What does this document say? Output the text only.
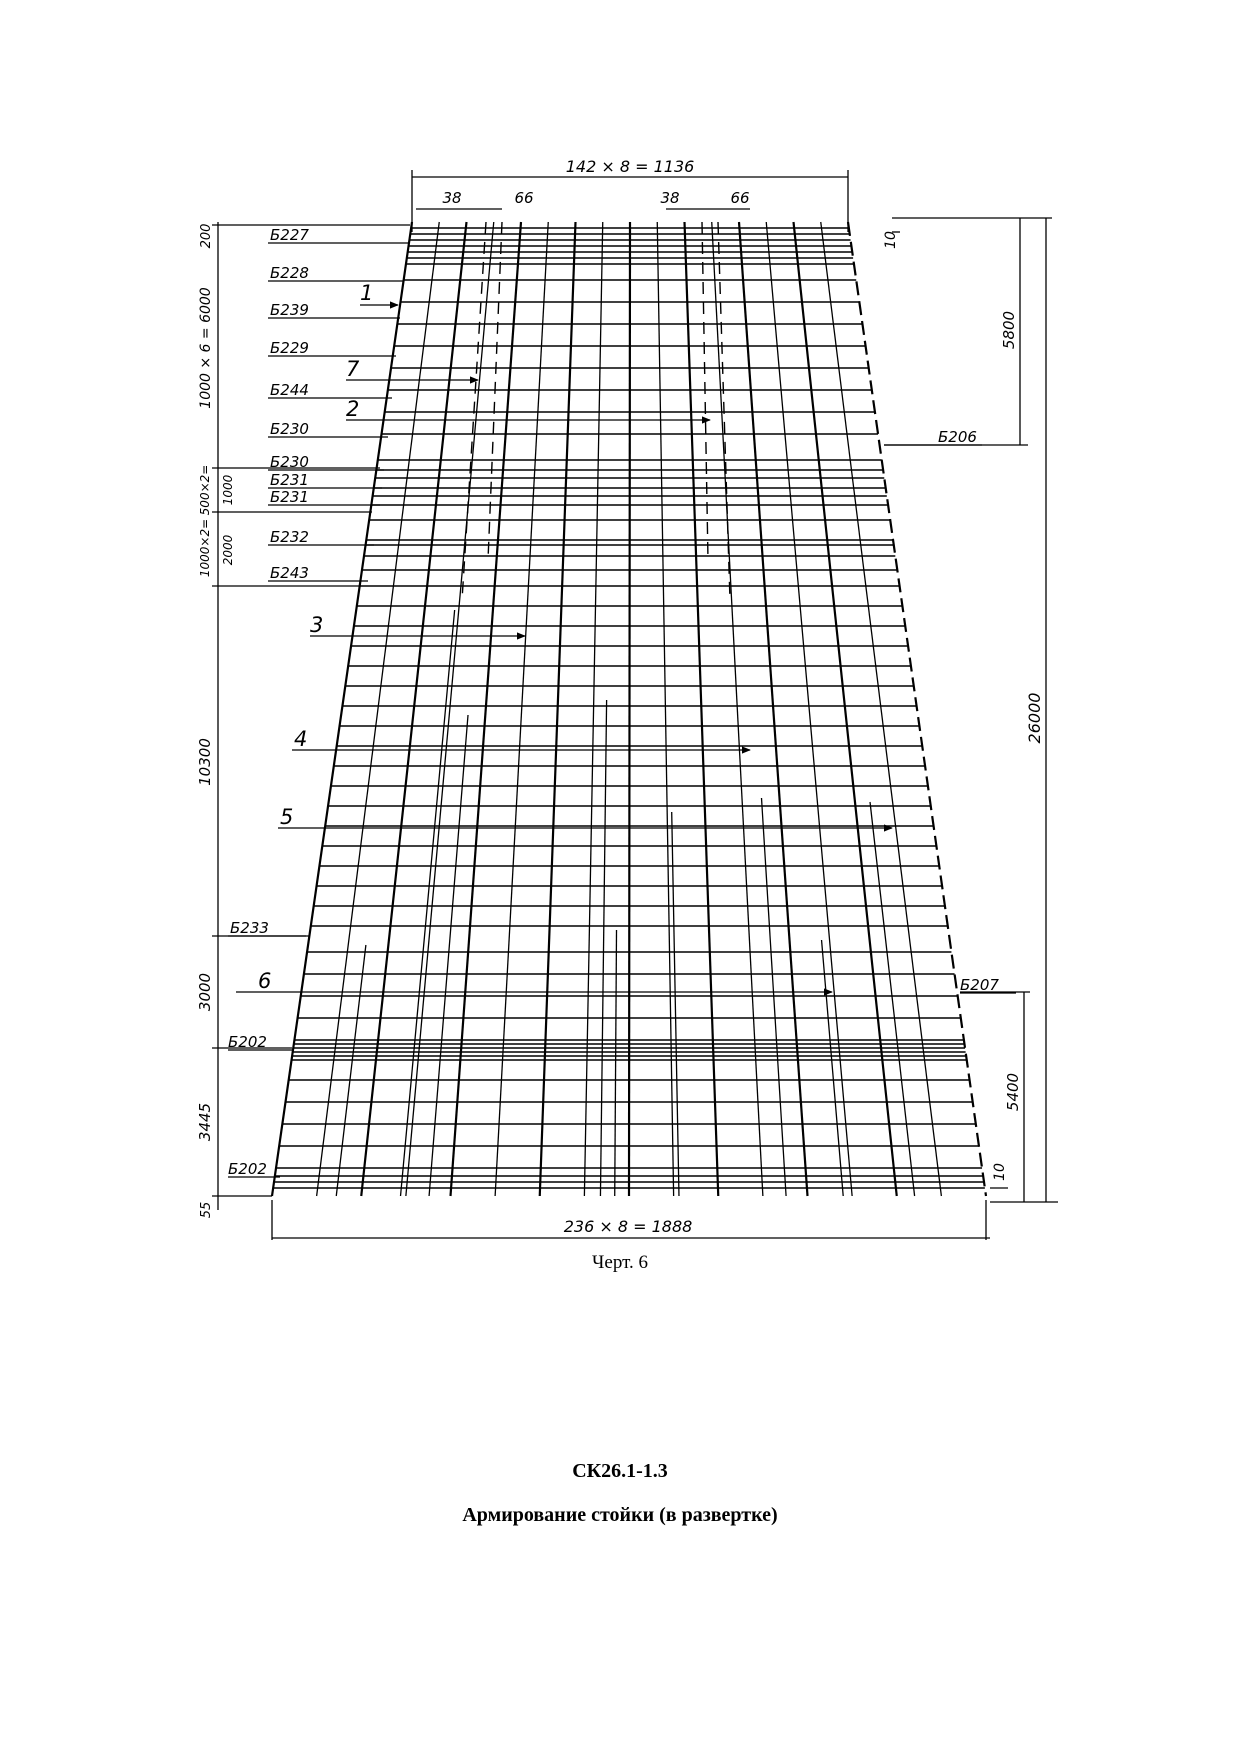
142 × 8 = 1136
38	66	38	66
236 × 8 = 1888
10
5800
26000
5400
10
200
1000 × 6 = 6000
500×2= 1000
1000×2= 2000
10300
3000
3445
55
Б227
Б228
Б239
Б229
Б244
Б230
Б230
Б231
Б231
Б232
Б243
Б233
Б202
Б202
Б206
Б207
1
7
2
3
4
5
6
Черт. 6
СК26.1-1.3
Армирование стойки (в развертке)
